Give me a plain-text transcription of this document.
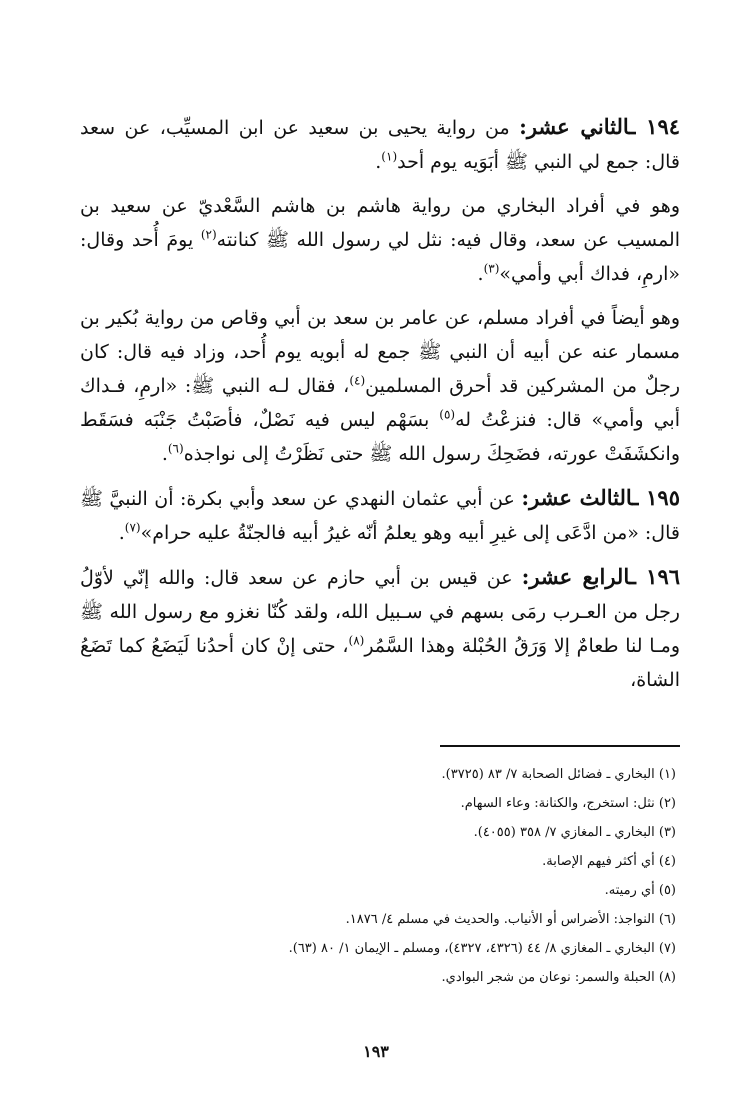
١٩٤ ـالثاني عشر: من رواية يحيى بن سعيد عن ابن المسيِّب، عن سعد قال: جمع لي النبي ﷺ أبَوَيه يوم أحد$^{(١)}$.

وهو في أفراد البخاري من رواية هاشم بن هاشم السَّعْديّ عن سعيد بن المسيب عن سعد، وقال فيه: نثل لي رسول الله ﷺ كنانته$^{(٢)}$ يومَ أُحد وقال: «ارمِ، فداك أبي وأمي»$^{(٣)}$.

وهو أيضاً في أفراد مسلم، عن عامر بن سعد بن أبي وقاص من رواية بُكير بن مسمار عنه عن أبيه أن النبي ﷺ جمع له أبويه يوم أُحد، وزاد فيه قال: كان رجلٌ من المشركين قد أحرق المسلمين$^{(٤)}$، فقال لـه النبي ﷺ: «ارمِ، فـداك أبي وأمي» قال: فنزعْتُ له$^{(٥)}$ بسَهْم ليس فيه نَصْلٌ، فأصَبْتُ جَنْبَه فسَقَط وانكشَفَتْ عورته، فضَحِكَ رسول الله ﷺ حتى نَظَرْتُ إلى نواجذه$^{(٦)}$.

١٩٥ ـالثالث عشر: عن أبي عثمان النهدي عن سعد وأبي بكرة: أن النبيَّ ﷺ قال: «من ادَّعَى إلى غيرِ أبيه وهو يعلمُ أنّه غيرُ أبيه فالجنّةُ عليه حرام»$^{(٧)}$.

١٩٦ ـالرابع عشر: عن قيس بن أبي حازم عن سعد قال: والله إنّي لأوّلُ رجل من العـرب رمَى بسهم في سـبيل الله، ولقد كُنّا نغزو مع رسول الله ﷺ ومـا لنا طعامٌ إلا وَرَقُ الحُبْلة وهذا السَّمُر$^{(٨)}$، حتى إنْ كان أحدُنا لَيَضَعُ كما تَضَعُ الشاة،

(١) البخاري ـ فضائل الصحابة ٧/ ٨٣ (٣٧٢٥).
(٢) نثل: استخرج، والكنانة: وعاء السهام.
(٣) البخاري ـ المغازي ٧/ ٣٥٨ (٤٠٥٥).
(٤) أي أكثر فيهم الإصابة.
(٥) أي رميته.
(٦) النواجذ: الأضراس أو الأنياب. والحديث في مسلم ٤/ ١٨٧٦.
(٧) البخاري ـ المغازي ٨/ ٤٤ (٤٣٢٦، ٤٣٢٧)، ومسلم ـ الإيمان ١/ ٨٠ (٦٣).
(٨) الحبلة والسمر: نوعان من شجر البوادي.
١٩٣
